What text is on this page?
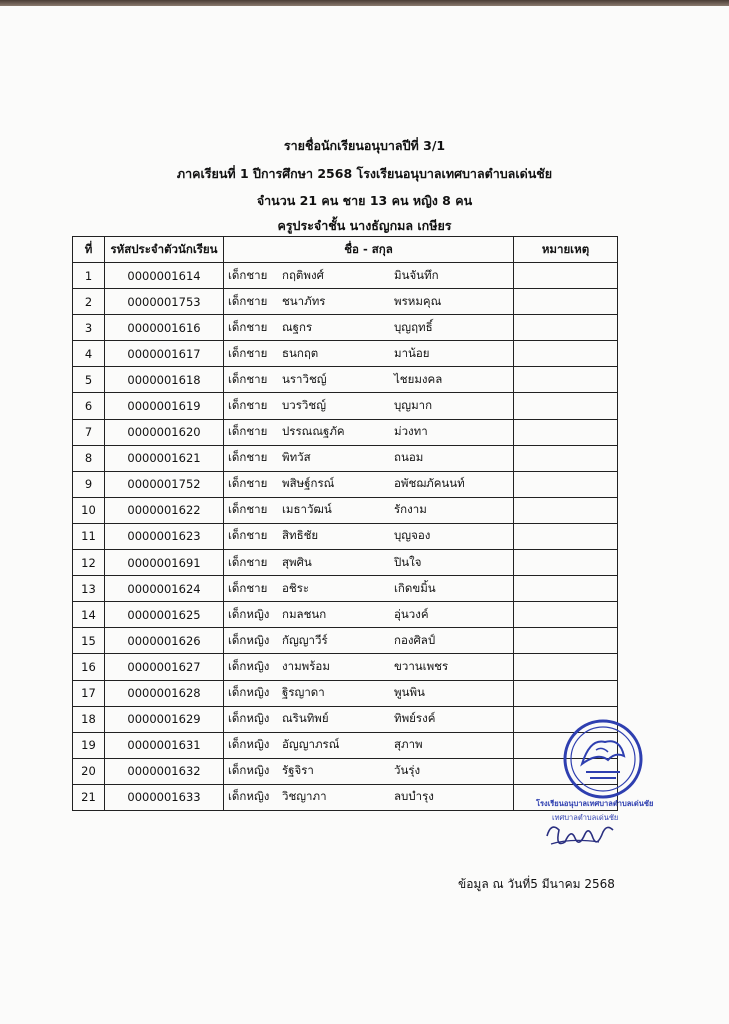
รายชื่อนักเรียนอนุบาลปีที่ 3/1
ภาคเรียนที่ 1 ปีการศึกษา 2568 โรงเรียนอนุบาลเทศบาลตำบลเด่นชัย
จำนวน 21 คน ชาย 13 คน หญิง 8 คน
ครูประจำชั้น นางธัญกมล เกษียร
ที่	รหัสประจำตัวนักเรียน	ชื่อ - สกุล	หมายเหตุ
1	0000001614	เด็กชาย กฤติพงศ์ มินจันทึก	
2	0000001753	เด็กชาย ชนาภัทร พรหมคุณ	
3	0000001616	เด็กชาย ณฐกร บุญฤทธิ์	
4	0000001617	เด็กชาย ธนกฤต มาน้อย	
5	0000001618	เด็กชาย นราวิชญ์ ไชยมงคล	
6	0000001619	เด็กชาย บวรวิชญ์ บุญมาก	
7	0000001620	เด็กชาย ปรรณณฐภัค ม่วงทา	
8	0000001621	เด็กชาย พิทวัส ถนอม	
9	0000001752	เด็กชาย พสิษฐ์กรณ์ อพัชฌภัคนนท์	
10	0000001622	เด็กชาย เมธาวัฒน์ รักงาม	
11	0000001623	เด็กชาย สิทธิชัย บุญจอง	
12	0000001691	เด็กชาย สุพศิน ปินใจ	
13	0000001624	เด็กชาย อชิระ เกิดขมิ้น	
14	0000001625	เด็กหญิง กมลชนก อุ่นวงค์	
15	0000001626	เด็กหญิง กัญญาวีร์ กองศิลป์	
16	0000001627	เด็กหญิง งามพร้อม ขวานเพชร	
17	0000001628	เด็กหญิง ฐิรญาดา พูนพิน	
18	0000001629	เด็กหญิง ณรินทิพย์ ทิพย์รงค์	
19	0000001631	เด็กหญิง อัญญาภรณ์ สุภาพ	
20	0000001632	เด็กหญิง รัฐจิรา วันรุ่ง	
21	0000001633	เด็กหญิง วิชญาภา ลบบำรุง	
ข้อมูล ณ วันที่5 มีนาคม 2568
โรงเรียนอนุบาลเทศบาลตำบลเด่นชัย
เทศบาลตำบลเด่นชัย
